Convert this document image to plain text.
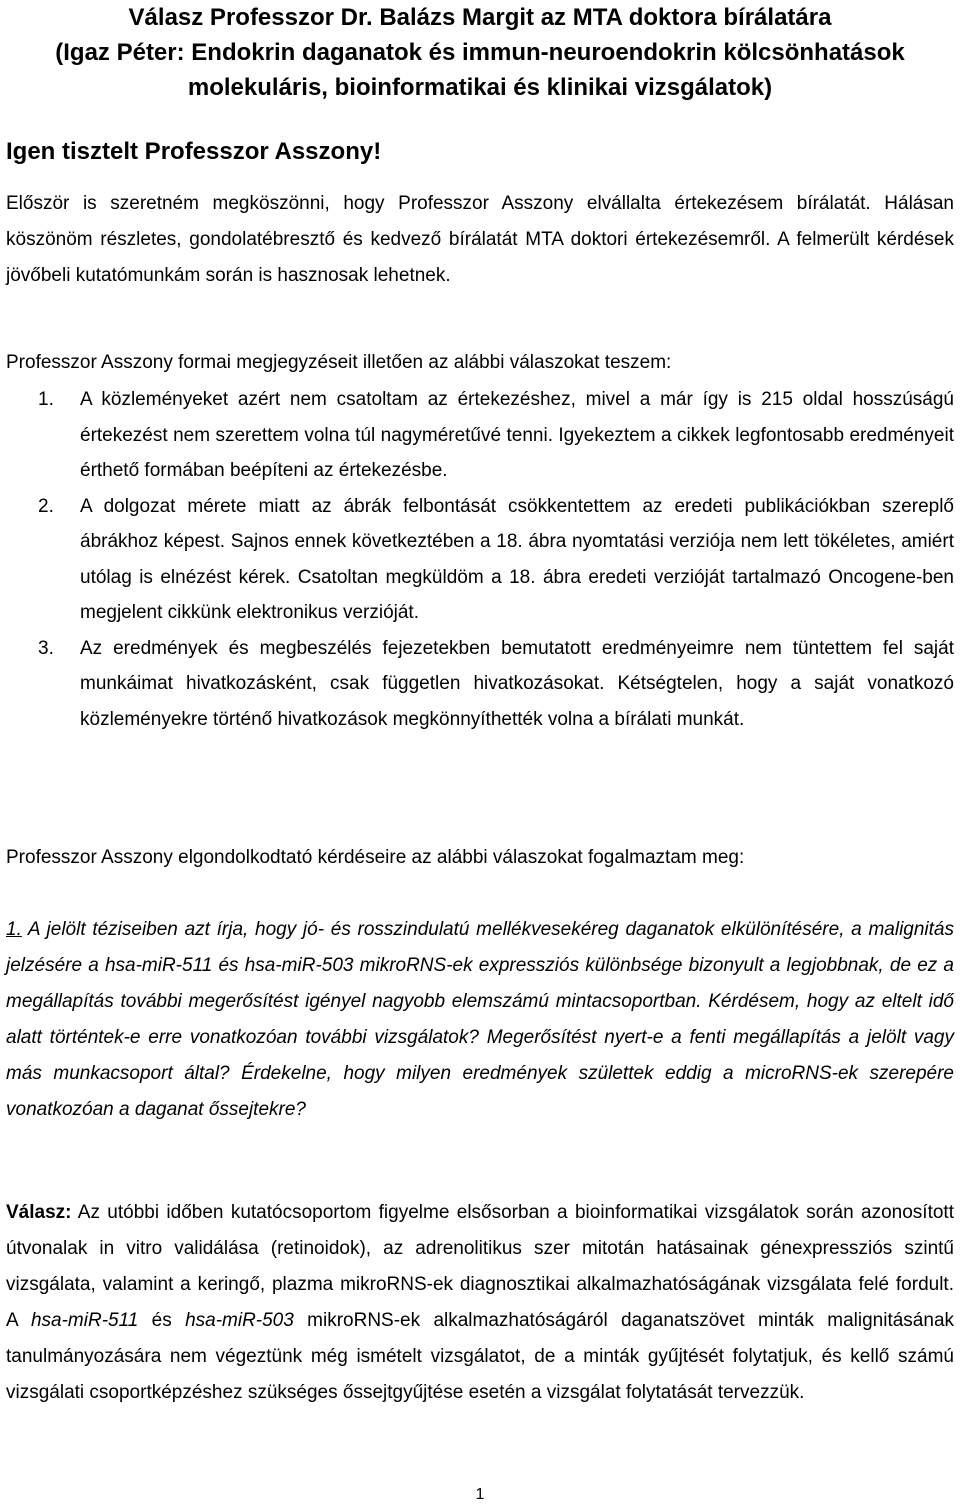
Válasz Professzor Dr. Balázs Margit az MTA doktora bírálatára
(Igaz Péter: Endokrin daganatok és immun-neuroendokrin kölcsönhatások
molekuláris, bioinformatikai és klinikai vizsgálatok)
Igen tisztelt Professzor Asszony!

Először is szeretném megköszönni, hogy Professzor Asszony elvállalta értekezésem bírálatát. Hálásan köszönöm részletes, gondolatébresztő és kedvező bírálatát MTA doktori értekezésemről. A felmerült kérdések jövőbeli kutatómunkám során is hasznosak lehetnek.

Professzor Asszony formai megjegyzéseit illetően az alábbi válaszokat teszem:

1. A közleményeket azért nem csatoltam az értekezéshez, mivel a már így is 215 oldal hosszúságú értekezést nem szerettem volna túl nagyméretűvé tenni. Igyekeztem a cikkek legfontosabb eredményeit érthető formában beépíteni az értekezésbe.
2. A dolgozat mérete miatt az ábrák felbontását csökkentettem az eredeti publikációkban szereplő ábrákhoz képest. Sajnos ennek következtében a 18. ábra nyomtatási verziója nem lett tökéletes, amiért utólag is elnézést kérek. Csatoltan megküldöm a 18. ábra eredeti verzióját tartalmazó Oncogene-ben megjelent cikkünk elektronikus verzióját.
3. Az eredmények és megbeszélés fejezetekben bemutatott eredményeimre nem tüntettem fel saját munkáimat hivatkozásként, csak független hivatkozásokat. Kétségtelen, hogy a saját vonatkozó közleményekre történő hivatkozások megkönnyíthették volna a bírálati munkát.

Professzor Asszony elgondolkodtató kérdéseire az alábbi válaszokat fogalmaztam meg:

1. A jelölt téziseiben azt írja, hogy jó- és rosszindulatú mellékvesekéreg daganatok elkülönítésére, a malignitás jelzésére a hsa-miR-511 és hsa-miR-503 mikroRNS-ek expressziós különbsége bizonyult a legjobbnak, de ez a megállapítás további megerősítést igényel nagyobb elemszámú mintacsoportban. Kérdésem, hogy az eltelt idő alatt történtek-e erre vonatkozóan további vizsgálatok? Megerősítést nyert-e a fenti megállapítás a jelölt vagy más munkacsoport által? Érdekelne, hogy milyen eredmények születtek eddig a microRNS-ek szerepére vonatkozóan a daganat őssejtekre?

Válasz: Az utóbbi időben kutatócsoportom figyelme elsősorban a bioinformatikai vizsgálatok során azonosított útvonalak in vitro validálása (retinoidok), az adrenolitikus szer mitotán hatásainak génexpressziós szintű vizsgálata, valamint a keringő, plazma mikroRNS-ek diagnosztikai alkalmazhatóságának vizsgálata felé fordult. A hsa-miR-511 és hsa-miR-503 mikroRNS-ek alkalmazhatóságáról daganatszövet minták malignitásának tanulmányozására nem végeztünk még ismételt vizsgálatot, de a minták gyűjtését folytatjuk, és kellő számú vizsgálati csoportképzéshez szükséges őssejtgyűjtése esetén a vizsgálat folytatását tervezzük.

1
